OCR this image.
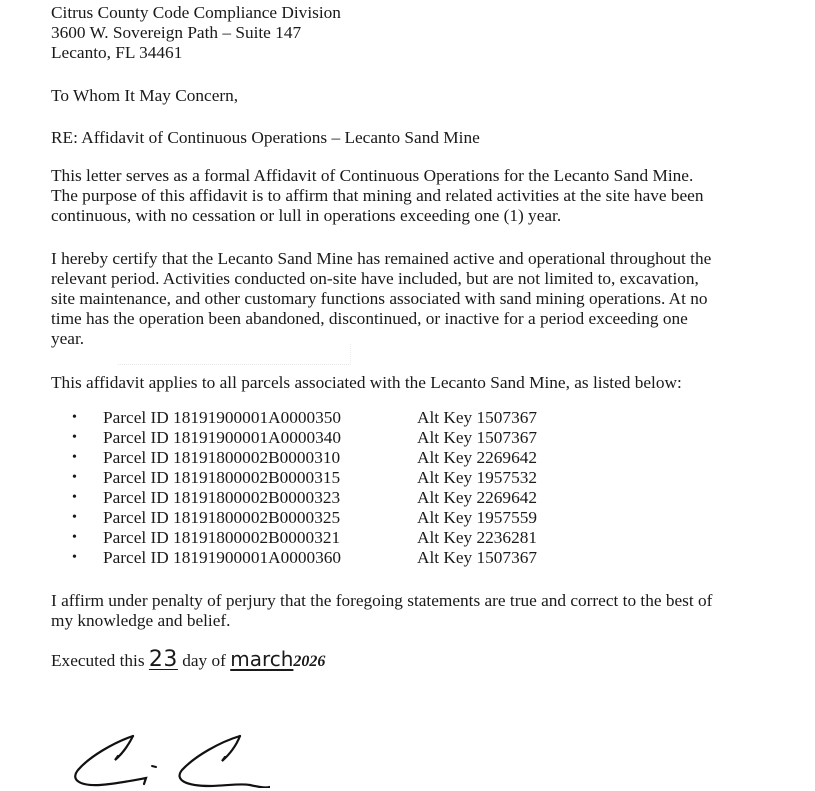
Citrus County Code Compliance Division
3600 W. Sovereign Path – Suite 147
Lecanto, FL 34461
To Whom It May Concern,
RE: Affidavit of Continuous Operations – Lecanto Sand Mine
This letter serves as a formal Affidavit of Continuous Operations for the Lecanto Sand Mine.
The purpose of this affidavit is to affirm that mining and related activities at the site have been
continuous, with no cessation or lull in operations exceeding one (1) year.
I hereby certify that the Lecanto Sand Mine has remained active and operational throughout the
relevant period. Activities conducted on-site have included, but are not limited to, excavation,
site maintenance, and other customary functions associated with sand mining operations. At no
time has the operation been abandoned, discontinued, or inactive for a period exceeding one
year.
This affidavit applies to all parcels associated with the Lecanto Sand Mine, as listed below:
•	Parcel ID 18191900001A0000350	Alt Key 1507367
•	Parcel ID 18191900001A0000340	Alt Key 1507367
•	Parcel ID 18191800002B0000310	Alt Key 2269642
•	Parcel ID 18191800002B0000315	Alt Key 1957532
•	Parcel ID 18191800002B0000323	Alt Key 2269642
•	Parcel ID 18191800002B0000325	Alt Key 1957559
•	Parcel ID 18191800002B0000321	Alt Key 2236281
•	Parcel ID 18191900001A0000360	Alt Key 1507367
I affirm under penalty of perjury that the foregoing statements are true and correct to the best of
my knowledge and belief.
Executed this 23 day of march2026
